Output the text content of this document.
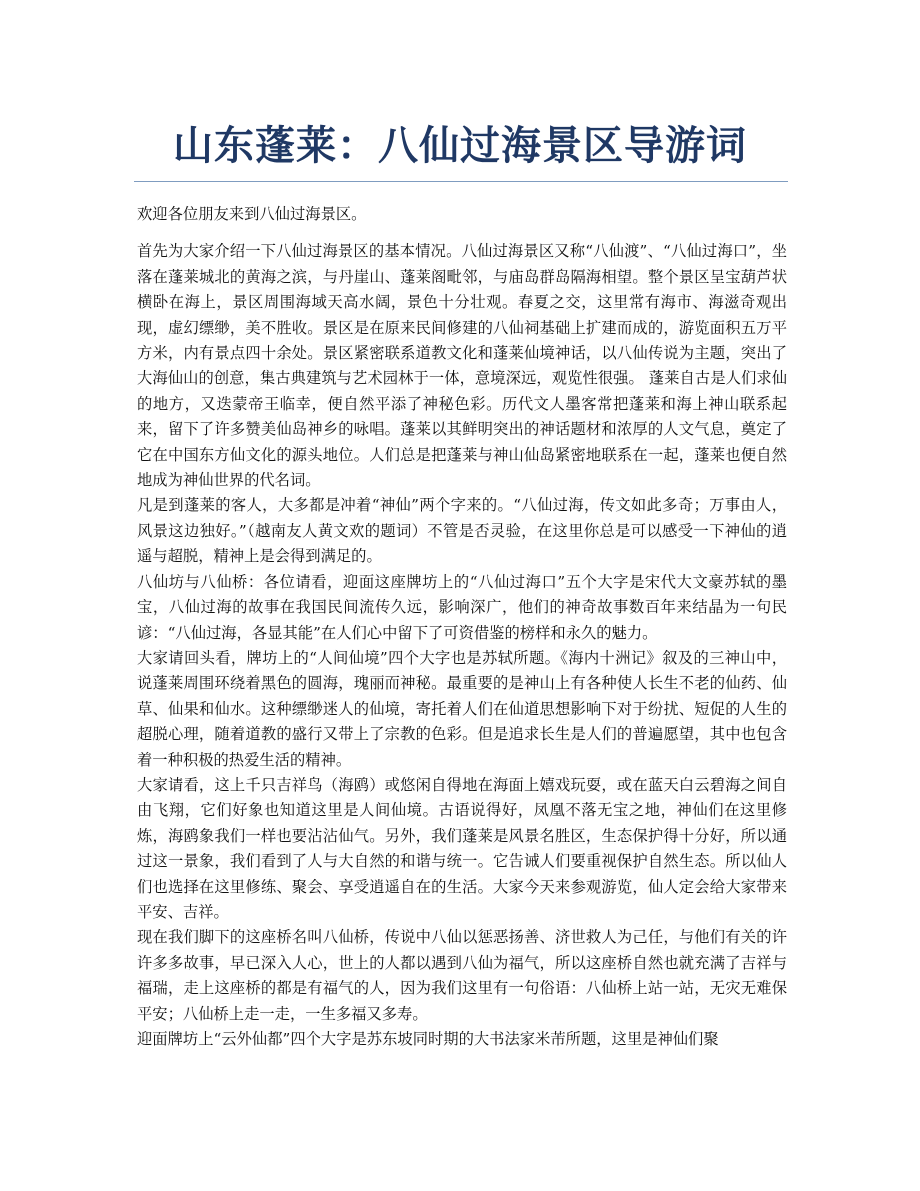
山东蓬莱：八仙过海景区导游词

欢迎各位朋友来到八仙过海景区。

首先为大家介绍一下八仙过海景区的基本情况。八仙过海景区又称“八仙渡”、“八仙过海口”，坐落在蓬莱城北的黄海之滨，与丹崖山、蓬莱阁毗邻，与庙岛群岛隔海相望。整个景区呈宝葫芦状横卧在海上，景区周围海域天高水阔，景色十分壮观。春夏之交，这里常有海市、海滋奇观出现，虚幻缥缈，美不胜收。景区是在原来民间修建的八仙祠基础上扩建而成的，游览面积五万平方米，内有景点四十余处。景区紧密联系道教文化和蓬莱仙境神话，以八仙传说为主题，突出了大海仙山的创意，集古典建筑与艺术园林于一体，意境深远，观览性很强。 蓬莱自古是人们求仙的地方，又迭蒙帝王临幸，便自然平添了神秘色彩。历代文人墨客常把蓬莱和海上神山联系起来，留下了许多赞美仙岛神乡的咏唱。蓬莱以其鲜明突出的神话题材和浓厚的人文气息，奠定了它在中国东方仙文化的源头地位。人们总是把蓬莱与神山仙岛紧密地联系在一起，蓬莱也便自然地成为神仙世界的代名词。

凡是到蓬莱的客人，大多都是冲着“神仙”两个字来的。“八仙过海，传文如此多奇；万事由人，风景这边独好。”（越南友人黄文欢的题词）不管是否灵验，在这里你总是可以感受一下神仙的逍遥与超脱，精神上是会得到满足的。

八仙坊与八仙桥：各位请看，迎面这座牌坊上的“八仙过海口”五个大字是宋代大文豪苏轼的墨宝，八仙过海的故事在我国民间流传久远，影响深广，他们的神奇故事数百年来结晶为一句民谚：“八仙过海，各显其能”在人们心中留下了可资借鉴的榜样和永久的魅力。

大家请回头看，牌坊上的“人间仙境”四个大字也是苏轼所题。《海内十洲记》叙及的三神山中，说蓬莱周围环绕着黑色的圆海，瑰丽而神秘。最重要的是神山上有各种使人长生不老的仙药、仙草、仙果和仙水。这种缥缈迷人的仙境，寄托着人们在仙道思想影响下对于纷扰、短促的人生的超脱心理，随着道教的盛行又带上了宗教的色彩。但是追求长生是人们的普遍愿望，其中也包含着一种积极的热爱生活的精神。

大家请看，这上千只吉祥鸟（海鸥）或悠闲自得地在海面上嬉戏玩耍，或在蓝天白云碧海之间自由飞翔，它们好象也知道这里是人间仙境。古语说得好，凤凰不落无宝之地，神仙们在这里修炼，海鸥象我们一样也要沾沾仙气。另外，我们蓬莱是风景名胜区，生态保护得十分好，所以通过这一景象，我们看到了人与大自然的和谐与统一。它告诫人们要重视保护自然生态。所以仙人们也选择在这里修练、聚会、享受逍遥自在的生活。大家今天来参观游览，仙人定会给大家带来平安、吉祥。

现在我们脚下的这座桥名叫八仙桥，传说中八仙以惩恶扬善、济世救人为己任，与他们有关的许许多多故事，早已深入人心，世上的人都以遇到八仙为福气，所以这座桥自然也就充满了吉祥与福瑞，走上这座桥的都是有福气的人，因为我们这里有一句俗语：八仙桥上站一站，无灾无难保平安；八仙桥上走一走，一生多福又多寿。

迎面牌坊上“云外仙都”四个大字是苏东坡同时期的大书法家米芾所题，这里是神仙们聚
